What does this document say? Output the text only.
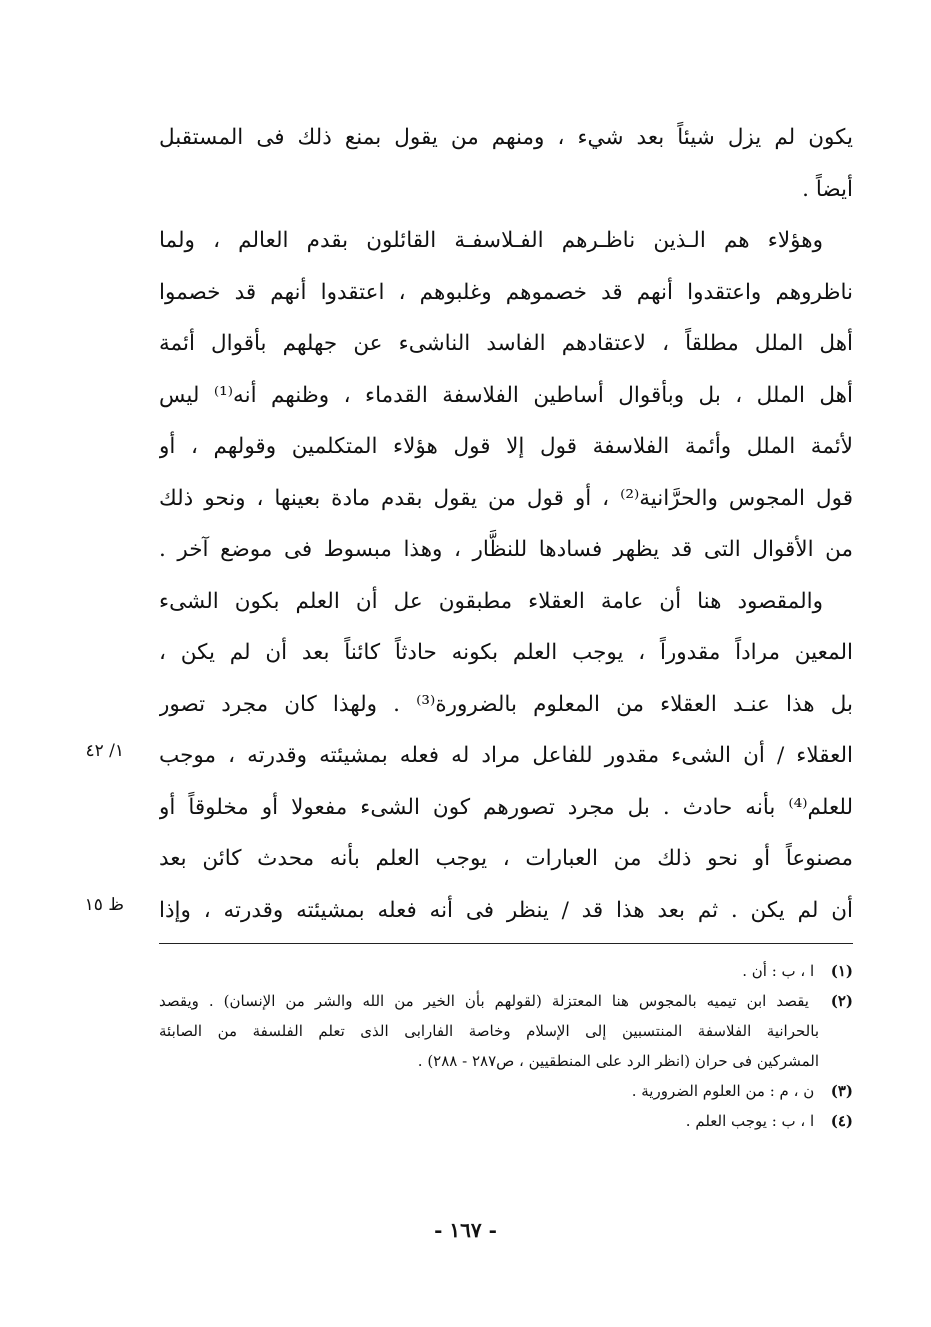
يكون لم يزل شيئاً بعد شيء ، ومنهم من يقول بمنع ذلك فى المستقبل
أيضاً .
وهؤلاء هم الـذين ناظـرهم الفـلاسفـة القائلون بقدم العالم ، ولما
ناظروهم واعتقدوا أنهم قد خصموهم وغلبوهم ، اعتقدوا أنهم قد خصموا
أهل الملل مطلقاً ، لاعتقادهم الفاسد الناشىء عن جهلهم بأقوال أئمة
أهل الملل ، بل وبأقوال أساطين الفلاسفة القدماء ، وظنهم أنه⁽¹⁾ ليس
لأئمة الملل وأئمة الفلاسفة قول إلا قول هؤلاء المتكلمين وقولهم ، أو
قول المجوس والحرَّانية⁽²⁾ ، أو قول من يقول بقدم مادة بعينها ، ونحو ذلك
من الأقوال التى قد يظهر فسادها للنظَّار ، وهذا مبسوط فى موضع آخر .
والمقصود هنا أن عامة العقلاء مطبقون عل أن العلم بكون الشىء
المعين مراداً مقدوراً ، يوجب العلم بكونه حادثاً كائناً بعد أن لم يكن ،
بل هذا عنـد العقلاء من المعلوم بالضرورة⁽³⁾ . ولهذا كان مجرد تصور
العقلاء / أن الشىء مقدور للفاعل مراد له فعله بمشيئته وقدرته ، موجب
للعلم⁽⁴⁾ بأنه حادث . بل مجرد تصورهم كون الشىء مفعولا أو مخلوقاً أو
مصنوعاً أو نحو ذلك من العبارات ، يوجب العلم بأنه محدث كائن بعد
أن لم يكن . ثم بعد هذا قد / ينظر فى أنه فعله بمشيئته وقدرته ، وإذا
١/ ٤٢
ظ ١٥
(١) ا ، ب : أن .
(٢) يقصد ابن تيميه بالمجوس هنا المعتزلة (لقولهم بأن الخير من الله والشر من الإنسان) . ويقصد
بالحرانية الفلاسفة المنتسبين إلى الإسلام وخاصة الفارابى الذى تعلم الفلسفة من الصابئة
المشركين فى حران (انظر الرد على المنطقيين ، ص٢٨٧ - ٢٨٨) .
(٣) ن ، م : من العلوم الضرورية .
(٤) ا ، ب : يوجب العلم .
- ١٦٧ -
